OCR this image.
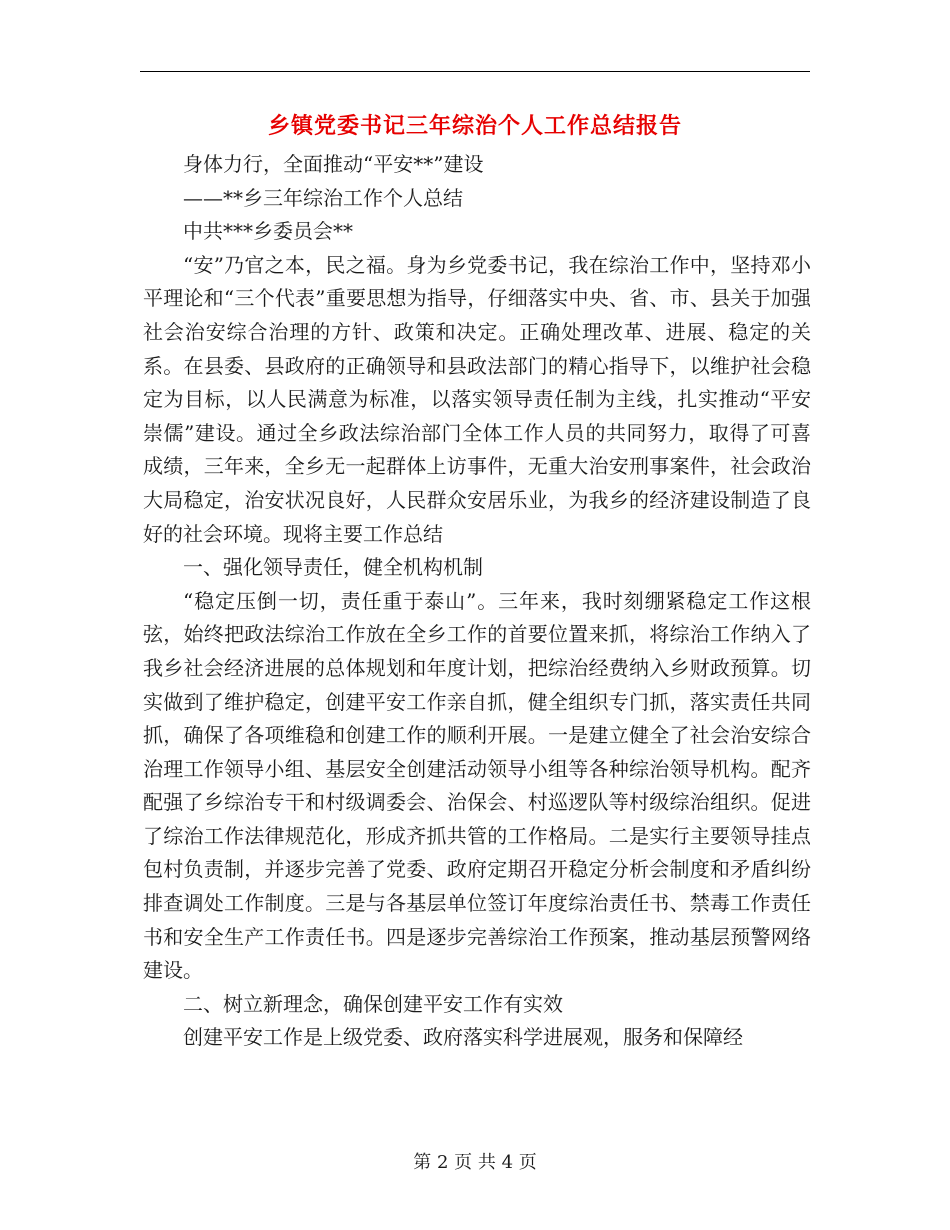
乡镇党委书记三年综治个人工作总结报告

身体力行，全面推动“平安**”建设

——**乡三年综治工作个人总结

中共***乡委员会**

“安”乃官之本，民之福。身为乡党委书记，我在综治工作中，坚持邓小平理论和“三个代表”重要思想为指导，仔细落实中央、省、市、县关于加强社会治安综合治理的方针、政策和决定。正确处理改革、进展、稳定的关系。在县委、县政府的正确领导和县政法部门的精心指导下，以维护社会稳定为目标，以人民满意为标准，以落实领导责任制为主线，扎实推动“平安崇儒”建设。通过全乡政法综治部门全体工作人员的共同努力，取得了可喜成绩，三年来，全乡无一起群体上访事件，无重大治安刑事案件，社会政治大局稳定，治安状况良好，人民群众安居乐业，为我乡的经济建设制造了良好的社会环境。现将主要工作总结

一、强化领导责任，健全机构机制

“稳定压倒一切，责任重于泰山”。三年来，我时刻绷紧稳定工作这根弦，始终把政法综治工作放在全乡工作的首要位置来抓，将综治工作纳入了我乡社会经济进展的总体规划和年度计划，把综治经费纳入乡财政预算。切实做到了维护稳定，创建平安工作亲自抓，健全组织专门抓，落实责任共同抓，确保了各项维稳和创建工作的顺利开展。一是建立健全了社会治安综合治理工作领导小组、基层安全创建活动领导小组等各种综治领导机构。配齐配强了乡综治专干和村级调委会、治保会、村巡逻队等村级综治组织。促进了综治工作法律规范化，形成齐抓共管的工作格局。二是实行主要领导挂点包村负责制，并逐步完善了党委、政府定期召开稳定分析会制度和矛盾纠纷排查调处工作制度。三是与各基层单位签订年度综治责任书、禁毒工作责任书和安全生产工作责任书。四是逐步完善综治工作预案，推动基层预警网络建设。

二、树立新理念，确保创建平安工作有实效

创建平安工作是上级党委、政府落实科学进展观，服务和保障经

第 2 页 共 4 页
